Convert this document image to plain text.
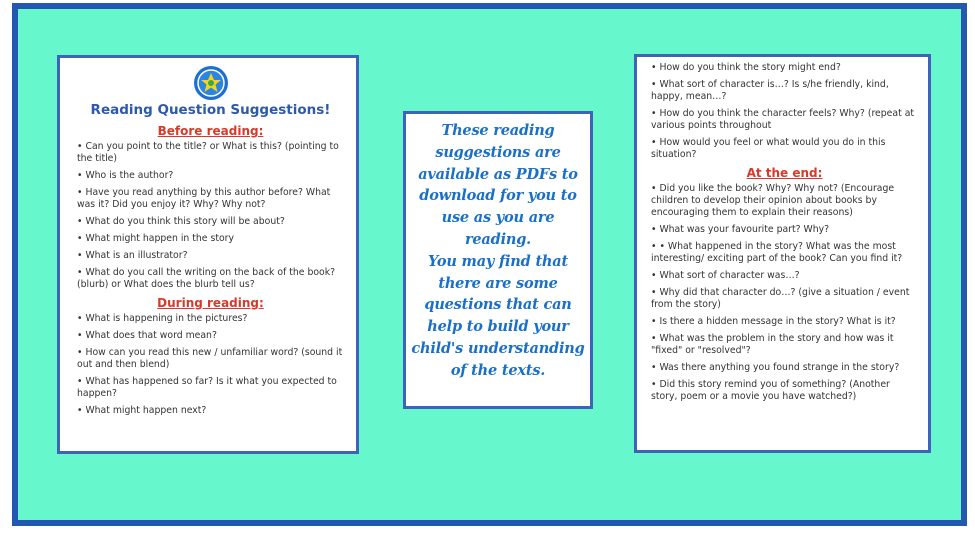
Reading Question Suggestions!
Before reading:
• Can you point to the title? or What is this? (pointing to the title)
• Who is the author?
• Have you read anything by this author before? What was it? Did you enjoy it? Why? Why not?
• What do you think this story will be about?
• What might happen in the story
• What is an illustrator?
• What do you call the writing on the back of the book? (blurb) or What does the blurb tell us?
During reading:
• What is happening in the pictures?
• What does that word mean?
• How can you read this new / unfamiliar word? (sound it out and then blend)
• What has happened so far? Is it what you expected to happen?
• What might happen next?
These reading suggestions are available as PDFs to download for you to use as you are reading.
You may find that there are some questions that can help to build your child's understanding of the texts.
• How do you think the story might end?
• What sort of character is…? Is s/he friendly, kind, happy, mean…?
• How do you think the character feels? Why? (repeat at various points throughout
• How would you feel or what would you do in this situation?
At the end:
• Did you like the book? Why? Why not? (Encourage children to develop their opinion about books by encouraging them to explain their reasons)
• What was your favourite part? Why?
• • What happened in the story? What was the most interesting/ exciting part of the book? Can you find it?
• What sort of character was…?
• Why did that character do…? (give a situation / event from the story)
• Is there a hidden message in the story? What is it?
• What was the problem in the story and how was it "fixed" or "resolved"?
• Was there anything you found strange in the story?
• Did this story remind you of something? (Another story, poem or a movie you have watched?)
